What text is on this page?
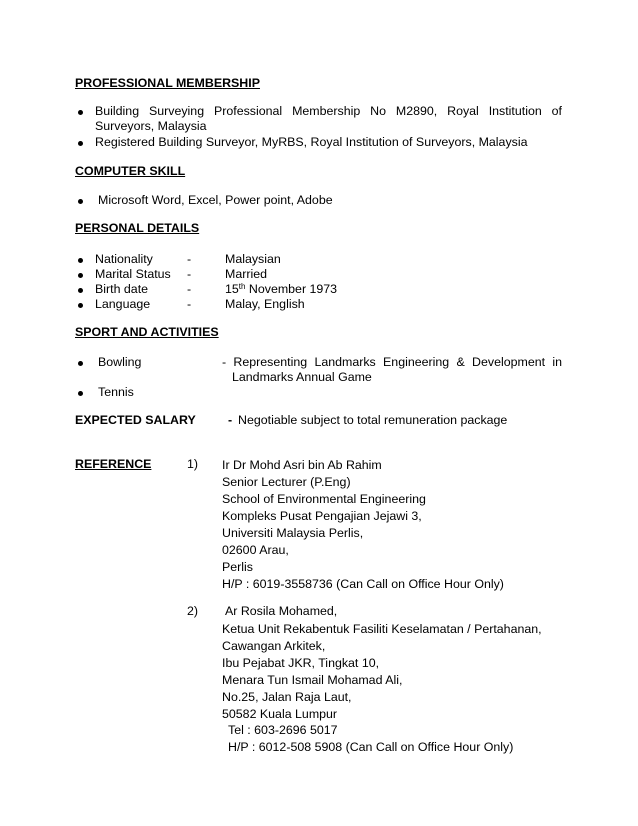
PROFESSIONAL MEMBERSHIP
Building Surveying Professional Membership No M2890, Royal Institution of
Surveyors, Malaysia
Registered Building Surveyor, MyRBS, Royal Institution of Surveyors, Malaysia
COMPUTER SKILL
Microsoft Word, Excel, Power point, Adobe
PERSONAL DETAILS
Nationality	-	Malaysian
Marital Status -	Married
Birth date	-	15th November 1973
Language	-	Malay, English
SPORT AND ACTIVITIES
Bowling	- Representing Landmarks Engineering & Development in
Landmarks Annual Game
Tennis
EXPECTED SALARY	- Negotiable subject to total remuneration package
REFERENCE	1) Ir Dr Mohd Asri bin Ab Rahim
Senior Lecturer (P.Eng)
School of Environmental Engineering
Kompleks Pusat Pengajian Jejawi 3,
Universiti Malaysia Perlis,
02600 Arau,
Perlis
H/P : 6019-3558736 (Can Call on Office Hour Only)
2) Ar Rosila Mohamed,
Ketua Unit Rekabentuk Fasiliti Keselamatan / Pertahanan,
Cawangan Arkitek,
Ibu Pejabat JKR, Tingkat 10,
Menara Tun Ismail Mohamad Ali,
No.25, Jalan Raja Laut,
50582 Kuala Lumpur
Tel : 603-2696 5017
H/P : 6012-508 5908 (Can Call on Office Hour Only)
